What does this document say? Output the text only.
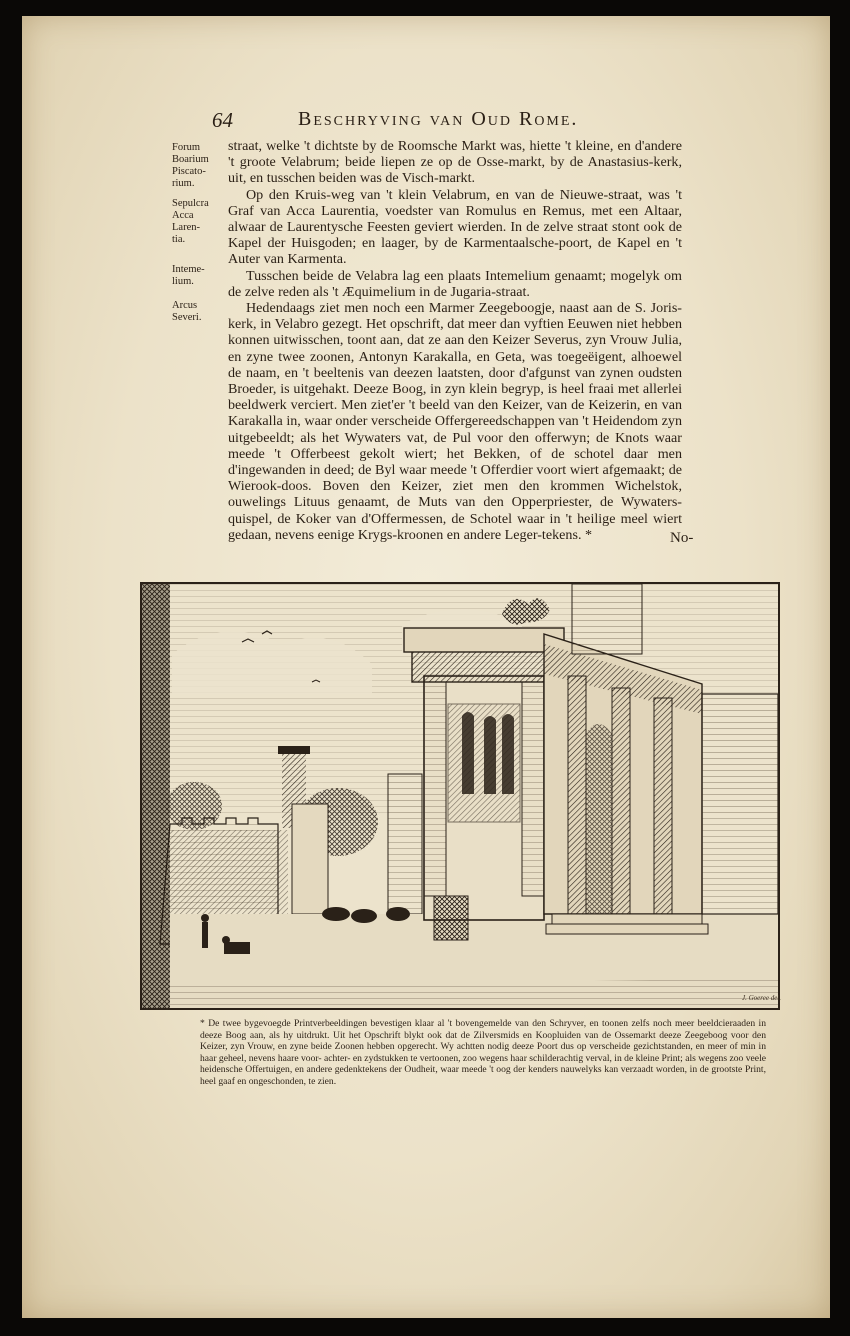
64	Beschryving van Oud Rome.
Forum
Boarium
Piscato-
rium.
Sepulcra
Acca
Laren-
tia.
Inteme-
lium.
Arcus
Severi.

straat, welke 't dichtste by de Roomsche Markt was, hiette 't kleine, en d'andere 't groote Velabrum; beide liepen ze op de Osse-markt, by de Anastasius-kerk, uit, en tusschen beiden was de Visch-markt.

Op den Kruis-weg van 't klein Velabrum, en van de Nieuwe-straat, was 't Graf van Acca Laurentia, voedster van Romulus en Remus, met een Altaar, alwaar de Laurentysche Feesten geviert wierden. In de zelve straat stont ook de Kapel der Huisgoden; en laager, by de Karmentaalsche-poort, de Kapel en 't Auter van Karmenta.

Tusschen beide de Velabra lag een plaats Intemelium genaamt; mogelyk om de zelve reden als 't Æquimelium in de Jugaria-straat.

Hedendaags ziet men noch een Marmer Zeegeboogje, naast aan de S. Joris-kerk, in Velabro gezegt. Het opschrift, dat meer dan vyftien Eeuwen niet hebben konnen uitwisschen, toont aan, dat ze aan den Keizer Severus, zyn Vrouw Julia, en zyne twee zoonen, Antonyn Karakalla, en Geta, was toegeëigent, alhoewel de naam, en 't beeltenis van deezen laatsten, door d'afgunst van zynen oudsten Broeder, is uitgehakt. Deeze Boog, in zyn klein begryp, is heel fraai met allerlei beeldwerk verciert. Men ziet'er 't beeld van den Keizer, van de Keizerin, en van Karakalla in, waar onder verscheide Offergereedschappen van 't Heidendom zyn uitgebeeldt; als het Wywaters vat, de Pul voor den offerwyn; de Knots waar meede 't Offerbeest gekolt wiert; het Bekken, of de schotel daar men d'ingewanden in deed; de Byl waar meede 't Offerdier voort wiert afgemaakt; de Wierook-doos. Boven den Keizer, ziet men den krommen Wichelstok, ouwelings Lituus genaamt, de Muts van den Opperpriester, de Wywaters-quispel, de Koker van d'Offermessen, de Schotel waar in 't heilige meel wiert gedaan, nevens eenige Krygs-kroonen en andere Leger-tekens. *	No-
J. Goeree del.

* De twee bygevoegde Printverbeeldingen bevestigen klaar al 't bovengemelde van den Schryver, en toonen zelfs noch meer beeldcieraaden in deeze Boog aan, als hy uitdrukt. Uit het Opschrift blykt ook dat de Zilversmids en Koopluiden van de Ossemarkt deeze Zeegeboog voor den Keizer, zyn Vrouw, en zyne beide Zoonen hebben opgerecht. Wy achtten nodig deeze Poort dus op verscheide gezichtstanden, en meer of min in haar geheel, nevens haare voor- achter- en zydstukken te vertoonen, zoo wegens haar schilderachtig verval, in de kleine Print; als wegens zoo veele heidensche Offertuigen, en andere gedenktekens der Oudheit, waar meede 't oog der kenders nauwelyks kan verzaadt worden, in de grootste Print, heel gaaf en ongeschonden, te zien.
